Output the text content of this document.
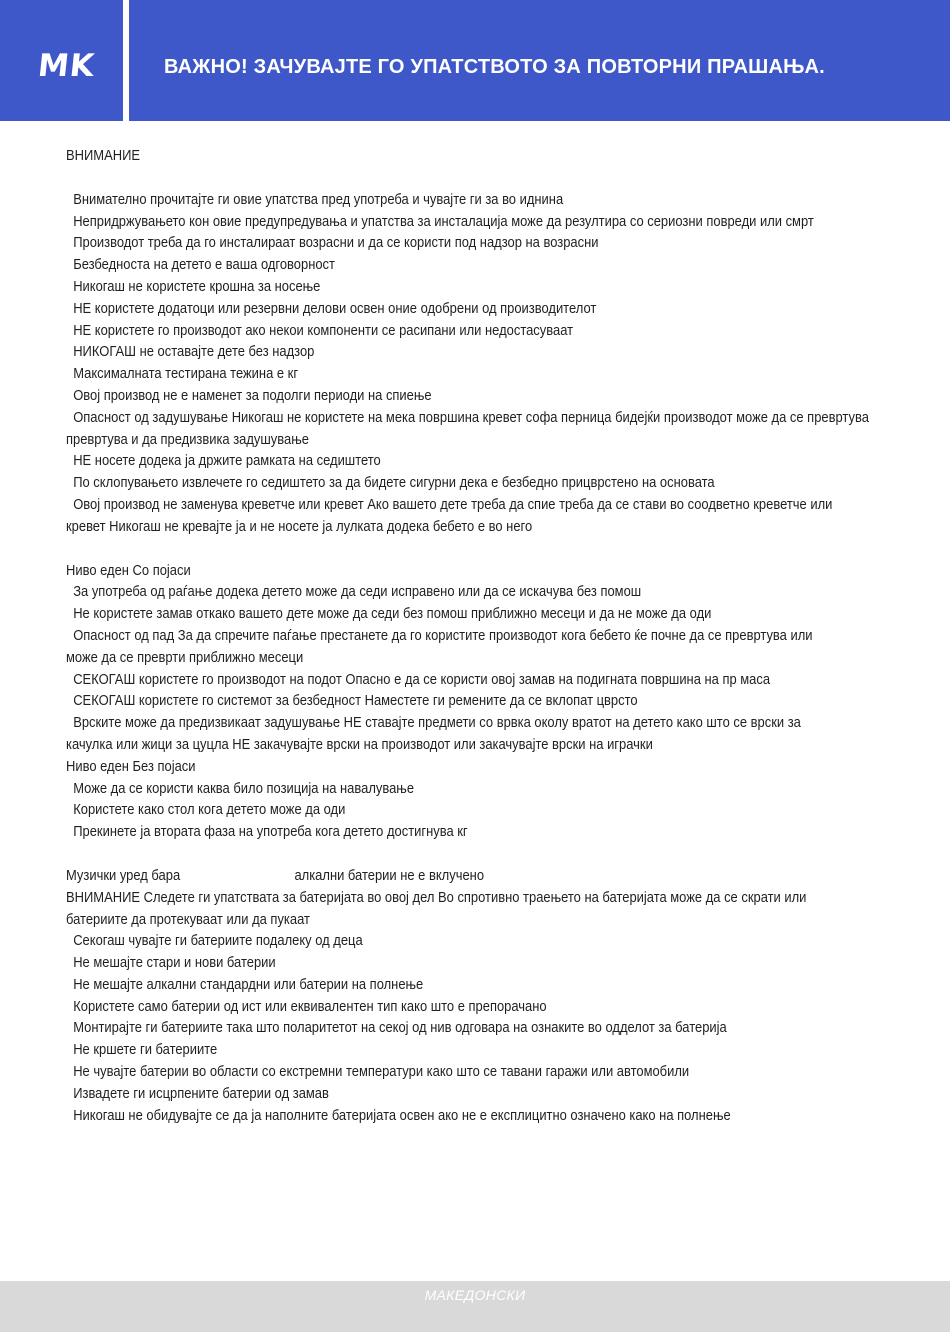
MK	ВАЖНО! ЗАЧУВАЈТЕ ГО УПАТСТВОТО ЗА ПОВТОРНИ ПРАШАЊА.

ВНИМАНИЕ

Внимателно прочитајте ги овие упатства пред употреба и чувајте ги за во иднина

Непридржувањето кон овие предупредувања и упатства за инсталација може да резултира со сериозни повреди или смрт

Производот треба да го инсталираат возрасни и да се користи под надзор на возрасни

Безбедноста на детето е ваша одговорност

Никогаш не користете крошна за носење

НЕ користете додатоци или резервни делови освен оние одобрени од производителот

НЕ користете го производот ако некои компоненти се расипани или недостасуваат

НИКОГАШ не оставајте дете без надзор

Максималната тестирана тежина е кг

Овој производ не е наменет за подолги периоди на спиење

Опасност од задушување Никогаш не користете на мека површина кревет софа перница бидејќи производот може да се превртува

превртува и да предизвика задушување

НЕ носете додека ја држите рамката на седиштето

По склопувањето извлечете го седиштето за да бидете сигурни дека е безбедно прицврстено на основата

Овој производ не заменува креветче или кревет Ако вашето дете треба да спие треба да се стави во соодветно креветче или

кревет Никогаш не кревајте ја и не носете ја лулката додека бебето е во него

Ниво еден Со појаси

За употреба од раѓање додека детето може да седи исправено или да се искачува без помош

Не користете замав откако вашето дете може да седи без помош приближно месеци и да не може да оди

Опасност од пад За да спречите паѓање престанете да го користите производот кога бебето ќе почне да се превртува или

може да се преврти приближно месеци

СЕКОГАШ користете го производот на подот Опасно е да се користи овој замав на подигната површина на пр маса

СЕКОГАШ користете го системот за безбедност Наместете ги ремените да се вклопат цврсто

Врските може да предизвикаат задушување НЕ ставајте предмети со врвка околу вратот на детето како што се врски за

качулка или жици за цуцла НЕ закачувајте врски на производот или закачувајте врски на играчки

Ниво еден Без појаси

Може да се користи каква било позиција на навалување

Користете како стол кога детето може да оди

Прекинете ја втората фаза на употреба кога детето достигнува кг

Музички уред бара	алкални батерии не е вклучено

ВНИМАНИЕ Следете ги упатствата за батеријата во овој дел Во спротивно траењето на батеријата може да се скрати или

батериите да протекуваат или да пукаат

Секогаш чувајте ги батериите подалеку од деца

Не мешајте стари и нови батерии

Не мешајте алкални стандардни или батерии на полнење

Користете само батерии од ист или еквивалентен тип како што е препорачано

Монтирајте ги батериите така што поларитетот на секој од нив одговара на ознаките во одделот за батерија

Не кршете ги батериите

Не чувајте батерии во области со екстремни температури како што се тавани гаражи или автомобили

Извадете ги исцрпените батерии од замав

Никогаш не обидувајте се да ја наполните батеријата освен ако не е експлицитно означено како на полнење

МАКЕДОНСКИ
